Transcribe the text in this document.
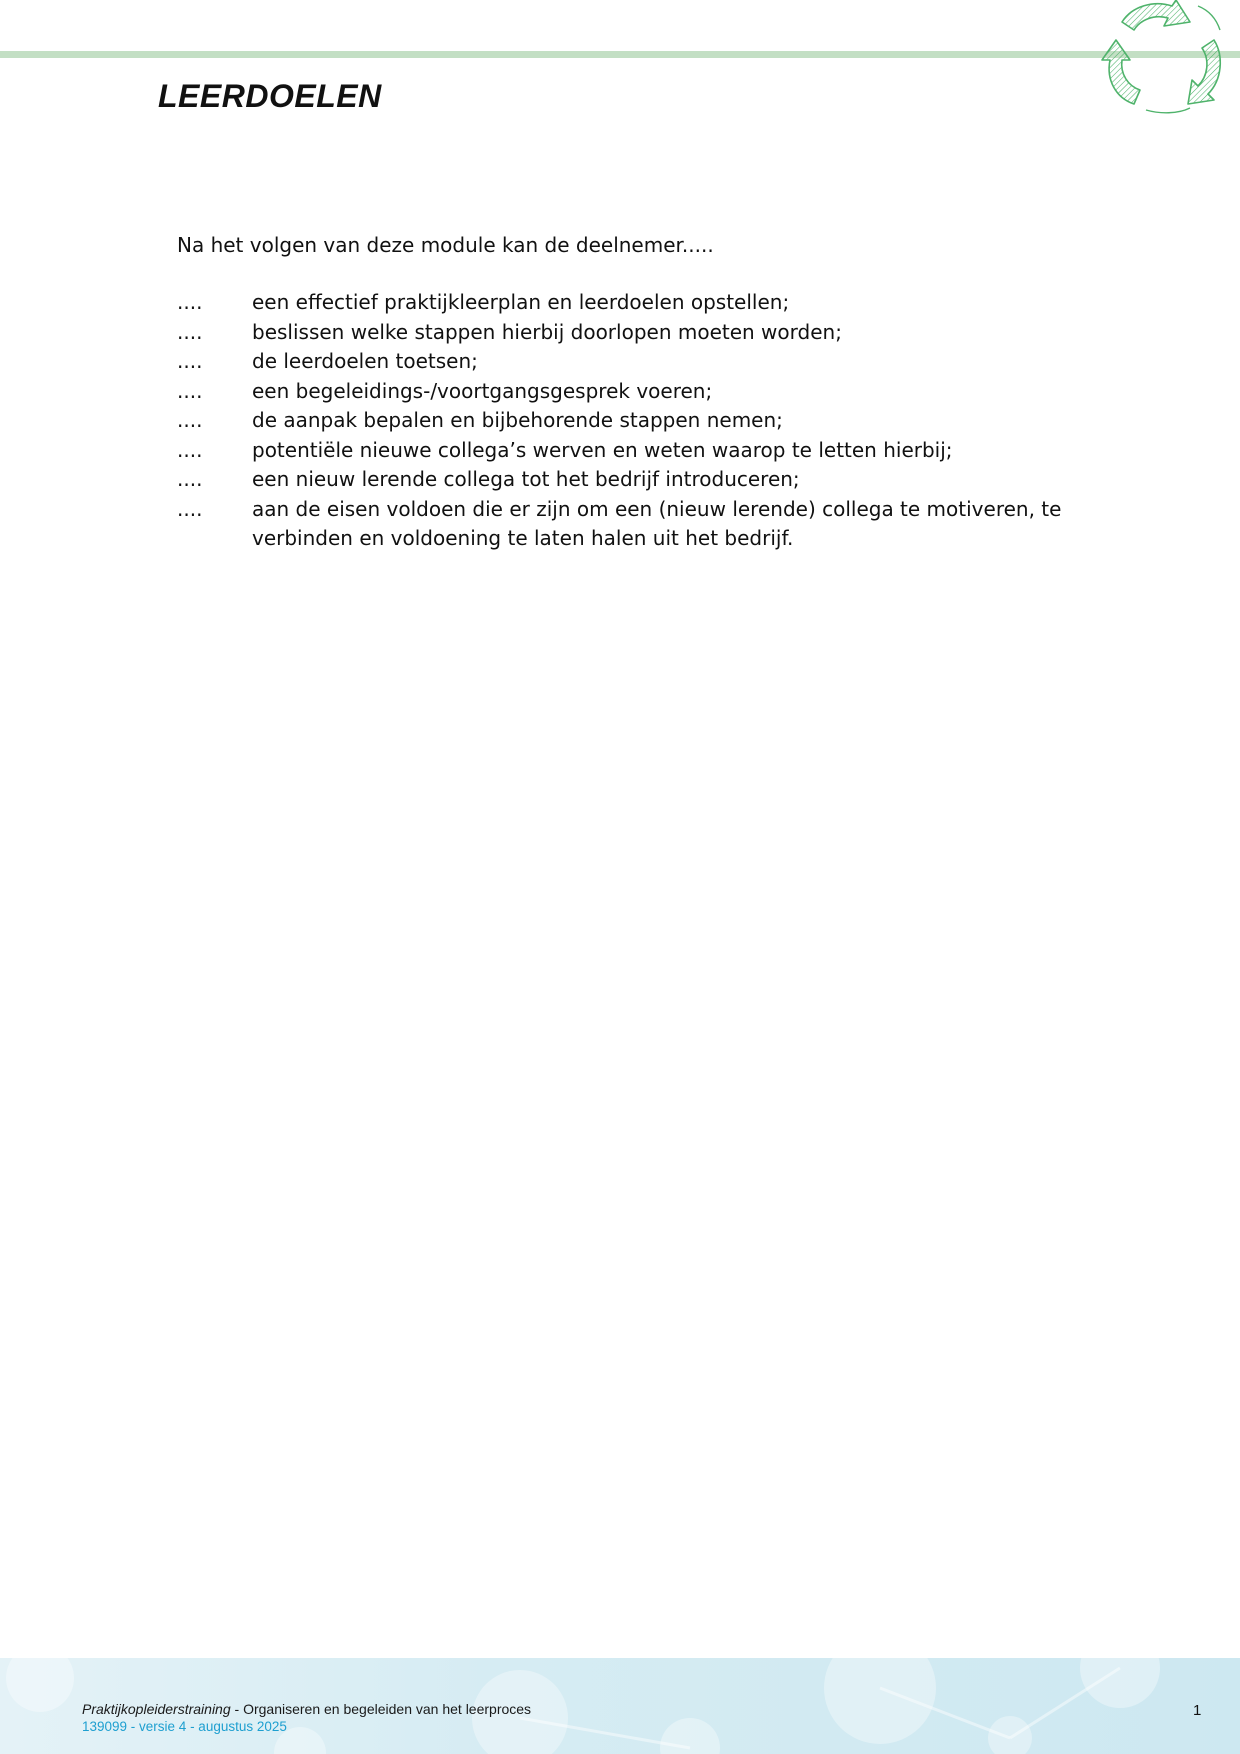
LEERDOELEN

Na het volgen van deze module kan de deelnemer.....

....	een effectief praktijkleerplan en leerdoelen opstellen;
....	beslissen welke stappen hierbij doorlopen moeten worden;
....	de leerdoelen toetsen;
....	een begeleidings-/voortgangsgesprek voeren;
....	de aanpak bepalen en bijbehorende stappen nemen;
....	potentiële nieuwe collega’s werven en weten waarop te letten hierbij;
....	een nieuw lerende collega tot het bedrijf introduceren;
....	aan de eisen voldoen die er zijn om een (nieuw lerende) collega te motiveren, te verbinden en voldoening te laten halen uit het bedrijf.
Praktijkopleiderstraining - Organiseren en begeleiden van het leerproces
139099 - versie 4 - augustus 2025
1
